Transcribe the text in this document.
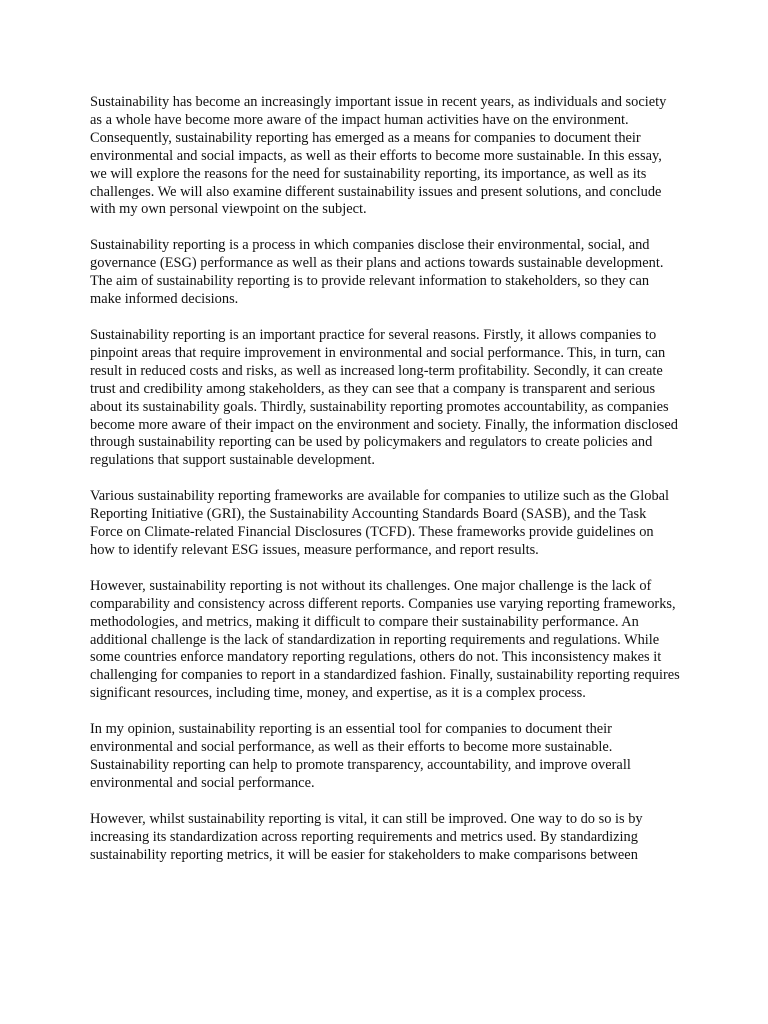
Sustainability has become an increasingly important issue in recent years, as individuals and society as a whole have become more aware of the impact human activities have on the environment. Consequently, sustainability reporting has emerged as a means for companies to document their environmental and social impacts, as well as their efforts to become more sustainable. In this essay, we will explore the reasons for the need for sustainability reporting, its importance, as well as its challenges. We will also examine different sustainability issues and present solutions, and conclude with my own personal viewpoint on the subject.

Sustainability reporting is a process in which companies disclose their environmental, social, and governance (ESG) performance as well as their plans and actions towards sustainable development. The aim of sustainability reporting is to provide relevant information to stakeholders, so they can make informed decisions.

Sustainability reporting is an important practice for several reasons. Firstly, it allows companies to pinpoint areas that require improvement in environmental and social performance. This, in turn, can result in reduced costs and risks, as well as increased long-term profitability. Secondly, it can create trust and credibility among stakeholders, as they can see that a company is transparent and serious about its sustainability goals. Thirdly, sustainability reporting promotes accountability, as companies become more aware of their impact on the environment and society. Finally, the information disclosed through sustainability reporting can be used by policymakers and regulators to create policies and regulations that support sustainable development.

Various sustainability reporting frameworks are available for companies to utilize such as the Global Reporting Initiative (GRI), the Sustainability Accounting Standards Board (SASB), and the Task Force on Climate-related Financial Disclosures (TCFD). These frameworks provide guidelines on how to identify relevant ESG issues, measure performance, and report results.

However, sustainability reporting is not without its challenges. One major challenge is the lack of comparability and consistency across different reports. Companies use varying reporting frameworks, methodologies, and metrics, making it difficult to compare their sustainability performance. An additional challenge is the lack of standardization in reporting requirements and regulations. While some countries enforce mandatory reporting regulations, others do not. This inconsistency makes it challenging for companies to report in a standardized fashion. Finally, sustainability reporting requires significant resources, including time, money, and expertise, as it is a complex process.

In my opinion, sustainability reporting is an essential tool for companies to document their environmental and social performance, as well as their efforts to become more sustainable. Sustainability reporting can help to promote transparency, accountability, and improve overall environmental and social performance.

However, whilst sustainability reporting is vital, it can still be improved. One way to do so is by increasing its standardization across reporting requirements and metrics used. By standardizing sustainability reporting metrics, it will be easier for stakeholders to make comparisons between
